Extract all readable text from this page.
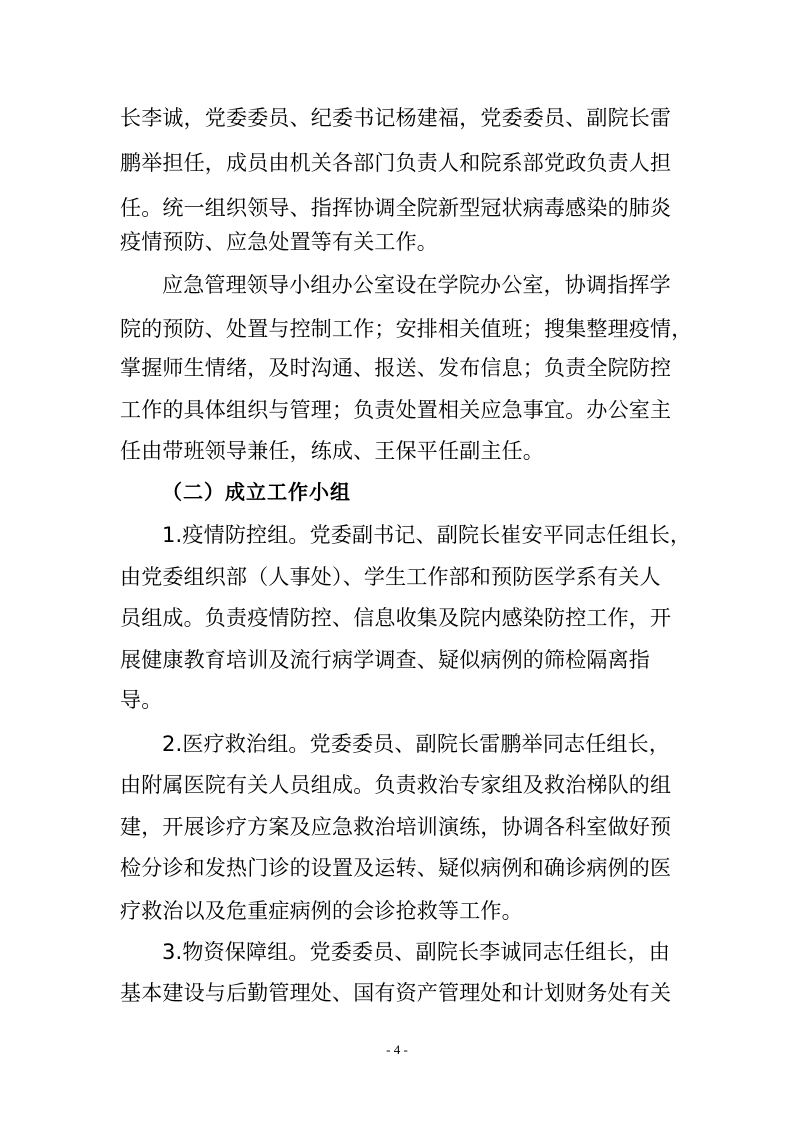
长李诚，党委委员、纪委书记杨建福，党委委员、副院长雷
鹏举担任，成员由机关各部门负责人和院系部党政负责人担
任。统一组织领导、指挥协调全院新型冠状病毒感染的肺炎
疫情预防、应急处置等有关工作。
应急管理领导小组办公室设在学院办公室，协调指挥学
院的预防、处置与控制工作；安排相关值班；搜集整理疫情，
掌握师生情绪，及时沟通、报送、发布信息；负责全院防控
工作的具体组织与管理；负责处置相关应急事宜。办公室主
任由带班领导兼任，练成、王保平任副主任。
（二）成立工作小组
1.疫情防控组。党委副书记、副院长崔安平同志任组长，
由党委组织部（人事处）、学生工作部和预防医学系有关人
员组成。负责疫情防控、信息收集及院内感染防控工作，开
展健康教育培训及流行病学调查、疑似病例的筛检隔离指
导。
2.医疗救治组。党委委员、副院长雷鹏举同志任组长，
由附属医院有关人员组成。负责救治专家组及救治梯队的组
建，开展诊疗方案及应急救治培训演练，协调各科室做好预
检分诊和发热门诊的设置及运转、疑似病例和确诊病例的医
疗救治以及危重症病例的会诊抢救等工作。
3.物资保障组。党委委员、副院长李诚同志任组长，由
基本建设与后勤管理处、国有资产管理处和计划财务处有关
- 4 -
